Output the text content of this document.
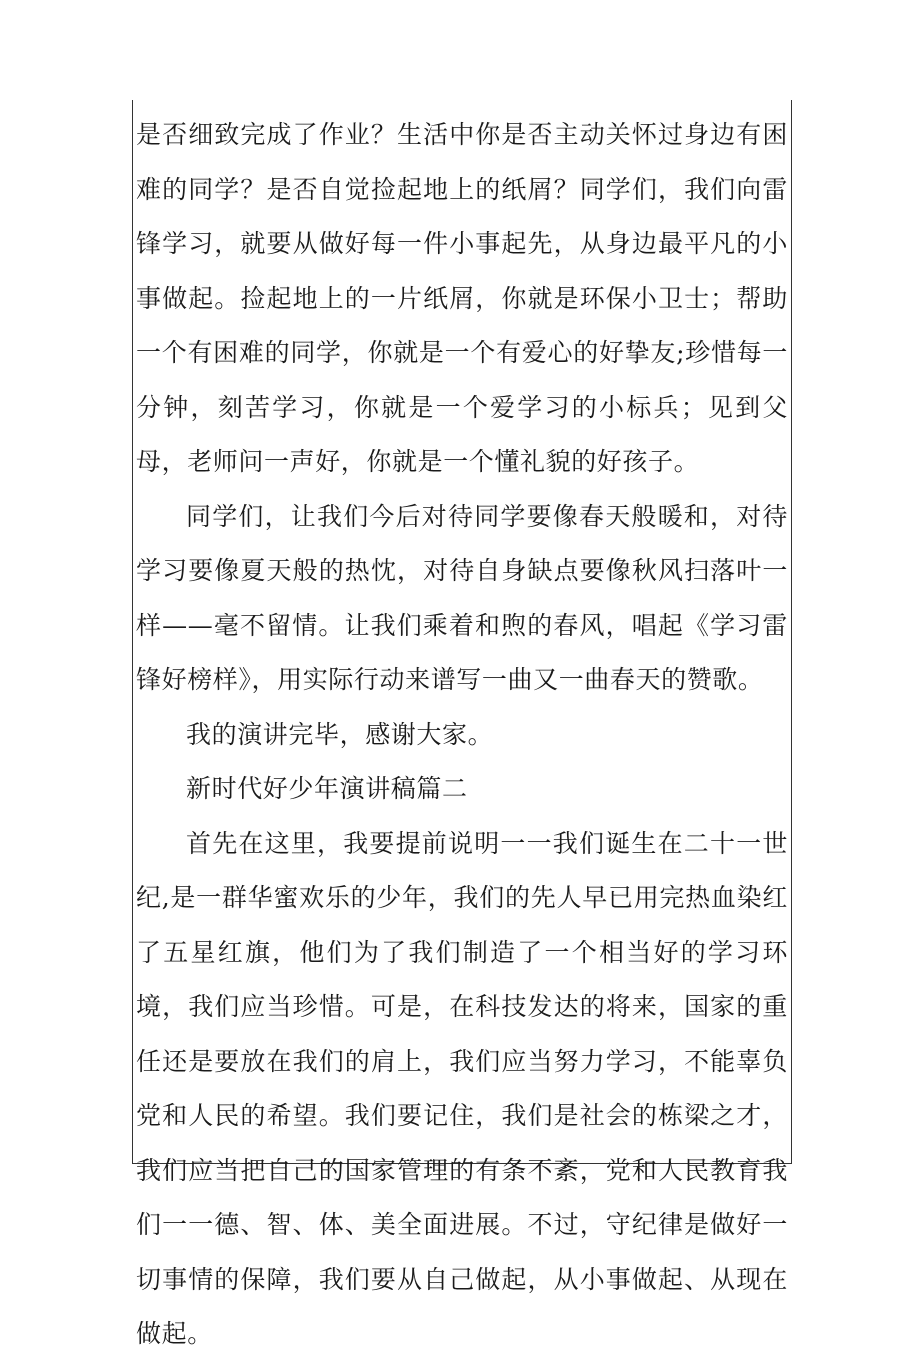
是否细致完成了作业？生活中你是否主动关怀过身边有困难的同学？是否自觉捡起地上的纸屑？同学们，我们向雷锋学习，就要从做好每一件小事起先，从身边最平凡的小事做起。捡起地上的一片纸屑，你就是环保小卫士；帮助一个有困难的同学，你就是一个有爱心的好挚友;珍惜每一分钟，刻苦学习，你就是一个爱学习的小标兵；见到父母，老师问一声好，你就是一个懂礼貌的好孩子。

同学们，让我们今后对待同学要像春天般暖和，对待学习要像夏天般的热忱，对待自身缺点要像秋风扫落叶一样——毫不留情。让我们乘着和煦的春风，唱起《学习雷锋好榜样》，用实际行动来谱写一曲又一曲春天的赞歌。

我的演讲完毕，感谢大家。

新时代好少年演讲稿篇二

首先在这里，我要提前说明一一我们诞生在二十一世纪,是一群华蜜欢乐的少年，我们的先人早已用完热血染红了五星红旗，他们为了我们制造了一个相当好的学习环境，我们应当珍惜。可是，在科技发达的将来，国家的重任还是要放在我们的肩上，我们应当努力学习，不能辜负党和人民的希望。我们要记住，我们是社会的栋梁之才，我们应当把自己的国家管理的有条不紊，党和人民教育我们一一德、智、体、美全面进展。不过，守纪律是做好一切事情的保障，我们要从自己做起，从小事做起、从现在做起。
